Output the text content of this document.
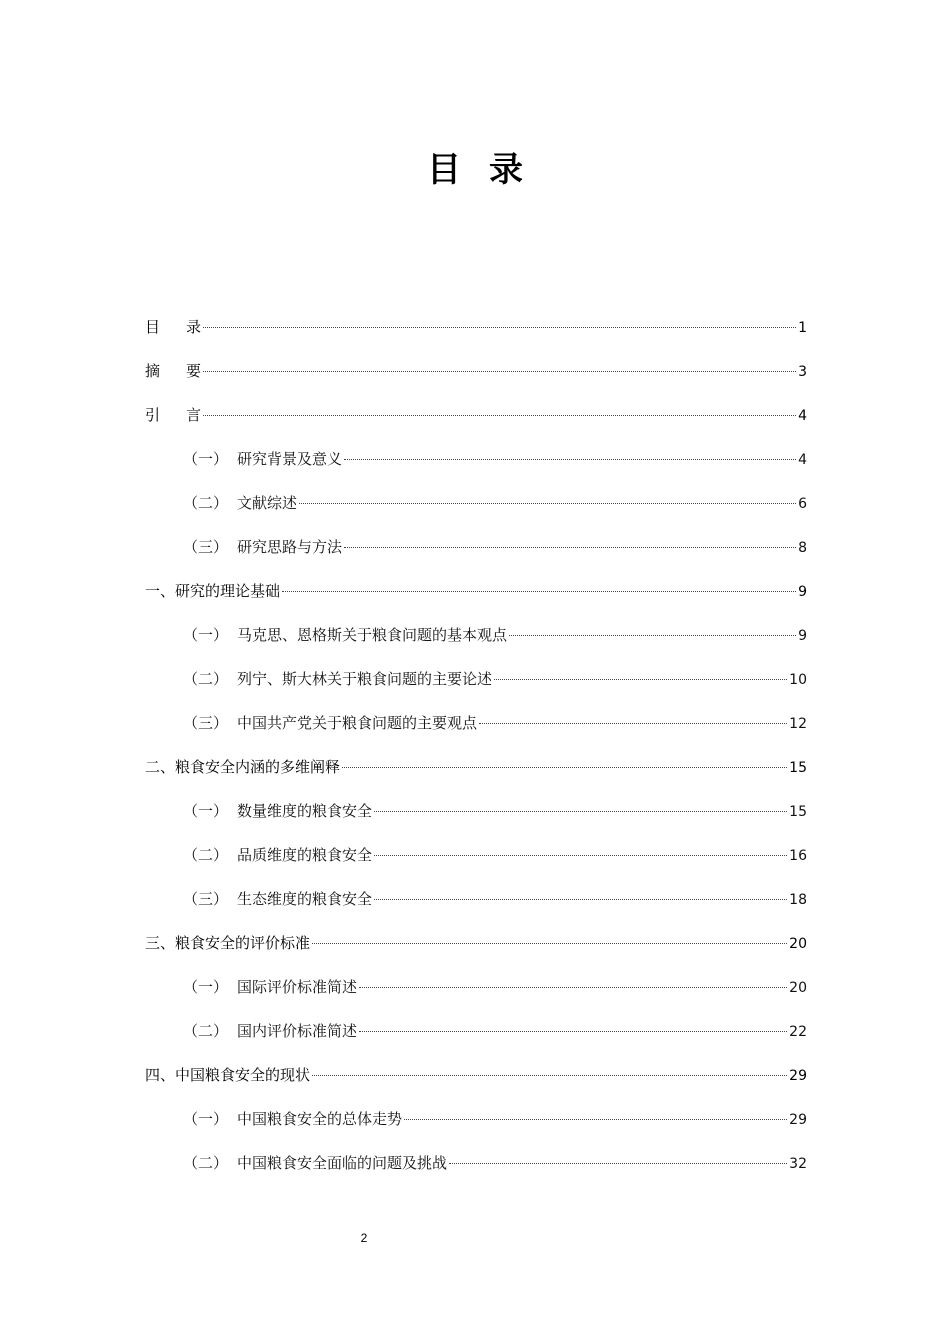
目录
目录	1
摘要	3
引言	4
（一） 研究背景及意义	4
（二） 文献综述	6
（三） 研究思路与方法	8
一、研究的理论基础	9
（一） 马克思、恩格斯关于粮食问题的基本观点	9
（二） 列宁、斯大林关于粮食问题的主要论述	10
（三） 中国共产党关于粮食问题的主要观点	12
二、粮食安全内涵的多维阐释	15
（一） 数量维度的粮食安全	15
（二） 品质维度的粮食安全	16
（三） 生态维度的粮食安全	18
三、粮食安全的评价标准	20
（一） 国际评价标准简述	20
（二） 国内评价标准简述	22
四、中国粮食安全的现状	29
（一） 中国粮食安全的总体走势	29
（二） 中国粮食安全面临的问题及挑战	32
2
